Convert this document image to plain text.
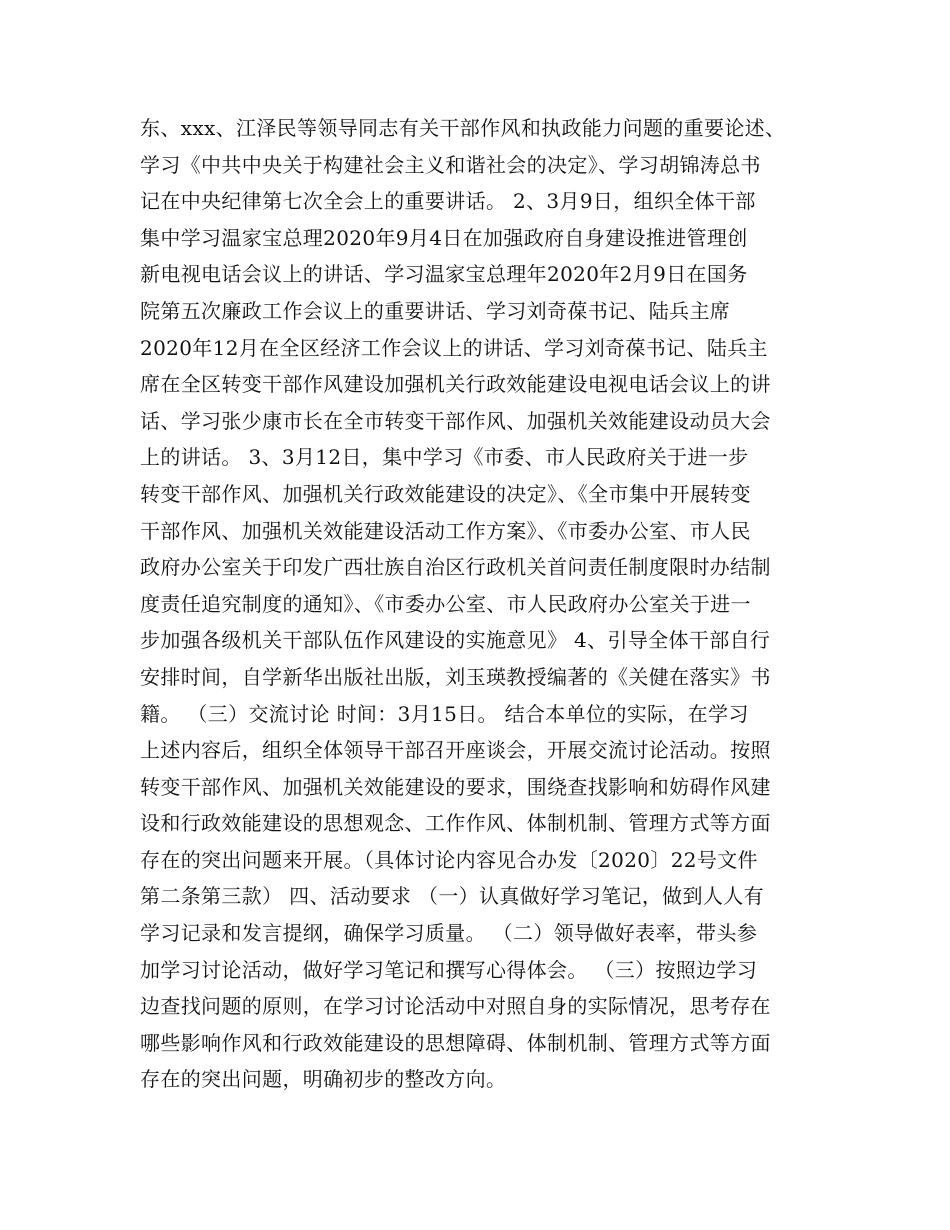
东、xxx、江泽民等领导同志有关干部作风和执政能力问题的重要论述、
学习《中共中央关于构建社会主义和谐社会的决定》、学习胡锦涛总书
记在中央纪律第七次全会上的重要讲话。 2、3月9日，组织全体干部
集中学习温家宝总理2020年9月4日在加强政府自身建设推进管理创
新电视电话会议上的讲话、学习温家宝总理年2020年2月9日在国务
院第五次廉政工作会议上的重要讲话、学习刘奇葆书记、陆兵主席
2020年12月在全区经济工作会议上的讲话、学习刘奇葆书记、陆兵主
席在全区转变干部作风建设加强机关行政效能建设电视电话会议上的讲
话、学习张少康市长在全市转变干部作风、加强机关效能建设动员大会
上的讲话。 3、3月12日，集中学习《市委、市人民政府关于进一步
转变干部作风、加强机关行政效能建设的决定》、《全市集中开展转变
干部作风、加强机关效能建设活动工作方案》、《市委办公室、市人民
政府办公室关于印发广西壮族自治区行政机关首问责任制度限时办结制
度责任追究制度的通知》、《市委办公室、市人民政府办公室关于进一
步加强各级机关干部队伍作风建设的实施意见》 4、引导全体干部自行
安排时间，自学新华出版社出版，刘玉瑛教授编著的《关健在落实》书
籍。 （三）交流讨论 时间：3月15日。 结合本单位的实际，在学习
上述内容后，组织全体领导干部召开座谈会，开展交流讨论活动。按照
转变干部作风、加强机关效能建设的要求，围绕查找影响和妨碍作风建
设和行政效能建设的思想观念、工作作风、体制机制、管理方式等方面
存在的突出问题来开展。（具体讨论内容见合办发〔2020〕22号文件
第二条第三款） 四、活动要求 （一）认真做好学习笔记，做到人人有
学习记录和发言提纲，确保学习质量。 （二）领导做好表率，带头参
加学习讨论活动，做好学习笔记和撰写心得体会。 （三）按照边学习
边查找问题的原则，在学习讨论活动中对照自身的实际情况，思考存在
哪些影响作风和行政效能建设的思想障碍、体制机制、管理方式等方面
存在的突出问题，明确初步的整改方向。
